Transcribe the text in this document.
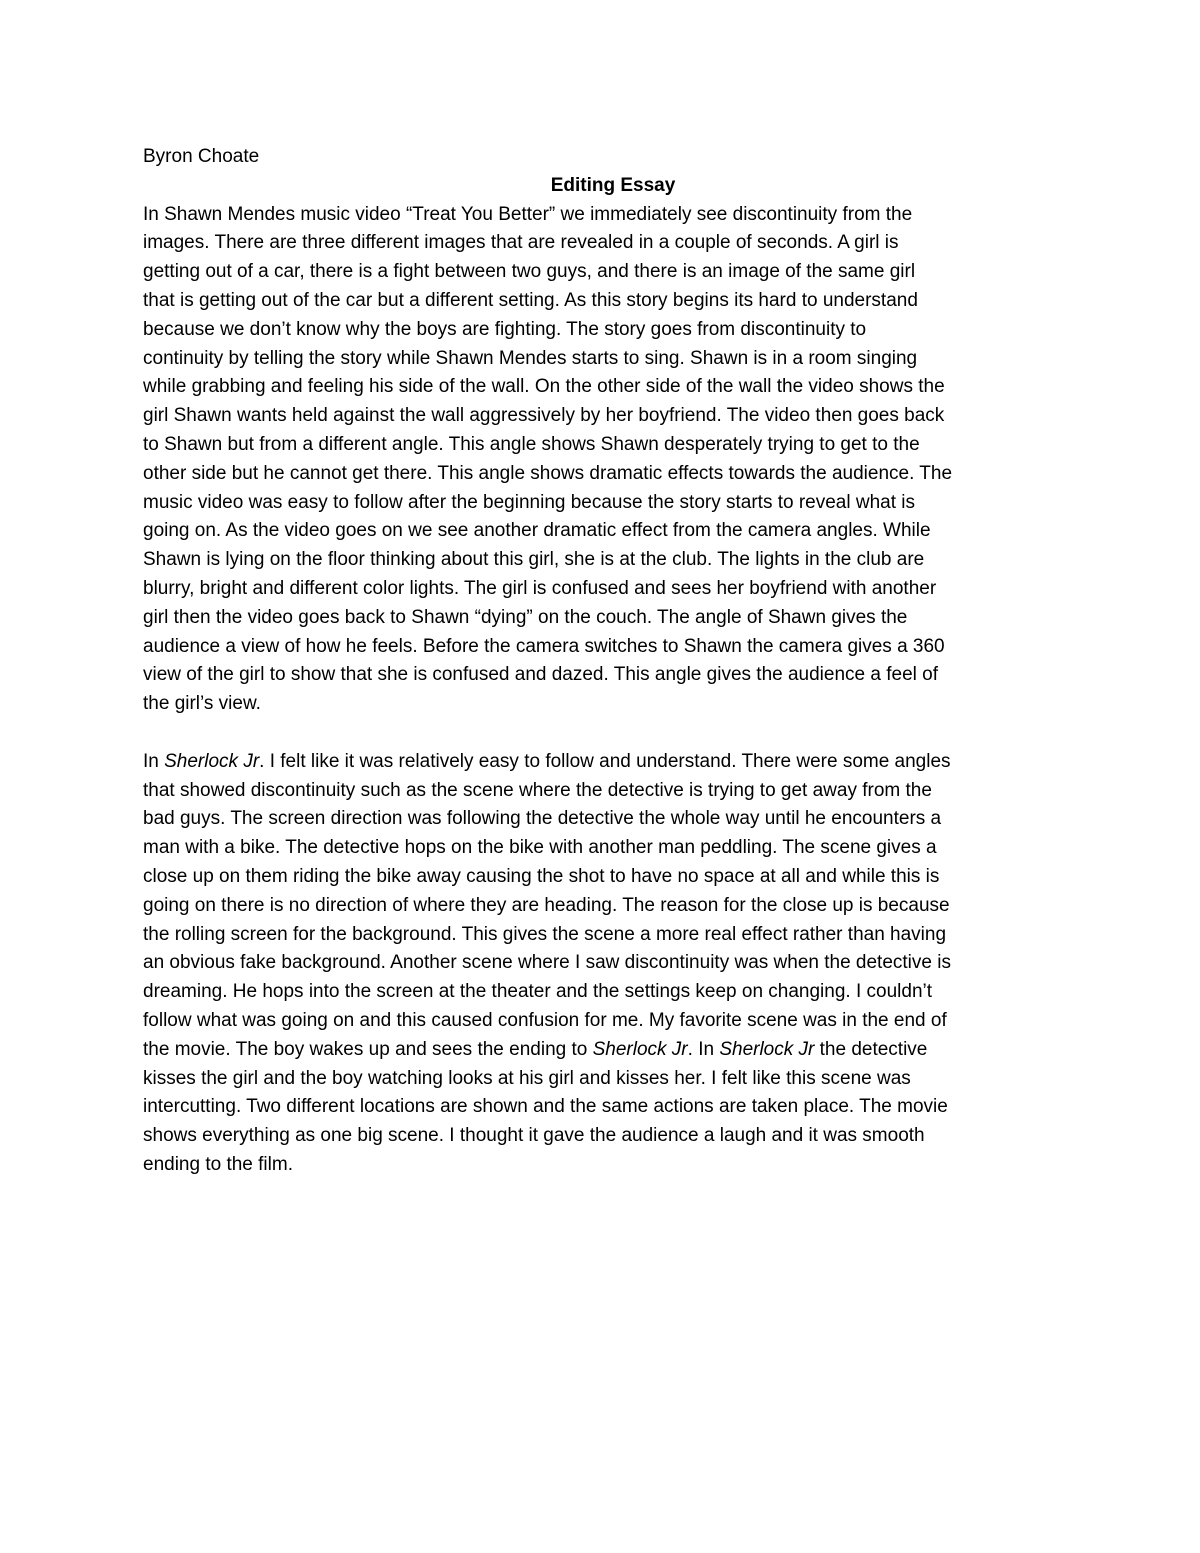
Byron Choate

Editing Essay

In Shawn Mendes music video “Treat You Better” we immediately see discontinuity from the
images. There are three different images that are revealed in a couple of seconds. A girl is
getting out of a car, there is a fight between two guys, and there is an image of the same girl
that is getting out of the car but a different setting. As this story begins its hard to understand
because we don’t know why the boys are fighting. The story goes from discontinuity to
continuity by telling the story while Shawn Mendes starts to sing. Shawn is in a room singing
while grabbing and feeling his side of the wall. On the other side of the wall the video shows the
girl Shawn wants held against the wall aggressively by her boyfriend. The video then goes back
to Shawn but from a different angle. This angle shows Shawn desperately trying to get to the
other side but he cannot get there. This angle shows dramatic effects towards the audience. The
music video was easy to follow after the beginning because the story starts to reveal what is
going on. As the video goes on we see another dramatic effect from the camera angles. While
Shawn is lying on the floor thinking about this girl, she is at the club. The lights in the club are
blurry, bright and different color lights. The girl is confused and sees her boyfriend with another
girl then the video goes back to Shawn “dying” on the couch. The angle of Shawn gives the
audience a view of how he feels. Before the camera switches to Shawn the camera gives a 360
view of the girl to show that she is confused and dazed. This angle gives the audience a feel of
the girl’s view.
In Sherlock Jr. I felt like it was relatively easy to follow and understand. There were some angles
that showed discontinuity such as the scene where the detective is trying to get away from the
bad guys. The screen direction was following the detective the whole way until he encounters a
man with a bike. The detective hops on the bike with another man peddling. The scene gives a
close up on them riding the bike away causing the shot to have no space at all and while this is
going on there is no direction of where they are heading. The reason for the close up is because
the rolling screen for the background. This gives the scene a more real effect rather than having
an obvious fake background. Another scene where I saw discontinuity was when the detective is
dreaming. He hops into the screen at the theater and the settings keep on changing. I couldn’t
follow what was going on and this caused confusion for me. My favorite scene was in the end of
the movie. The boy wakes up and sees the ending to Sherlock Jr. In Sherlock Jr the detective
kisses the girl and the boy watching looks at his girl and kisses her. I felt like this scene was
intercutting. Two different locations are shown and the same actions are taken place. The movie
shows everything as one big scene. I thought it gave the audience a laugh and it was smooth
ending to the film.
